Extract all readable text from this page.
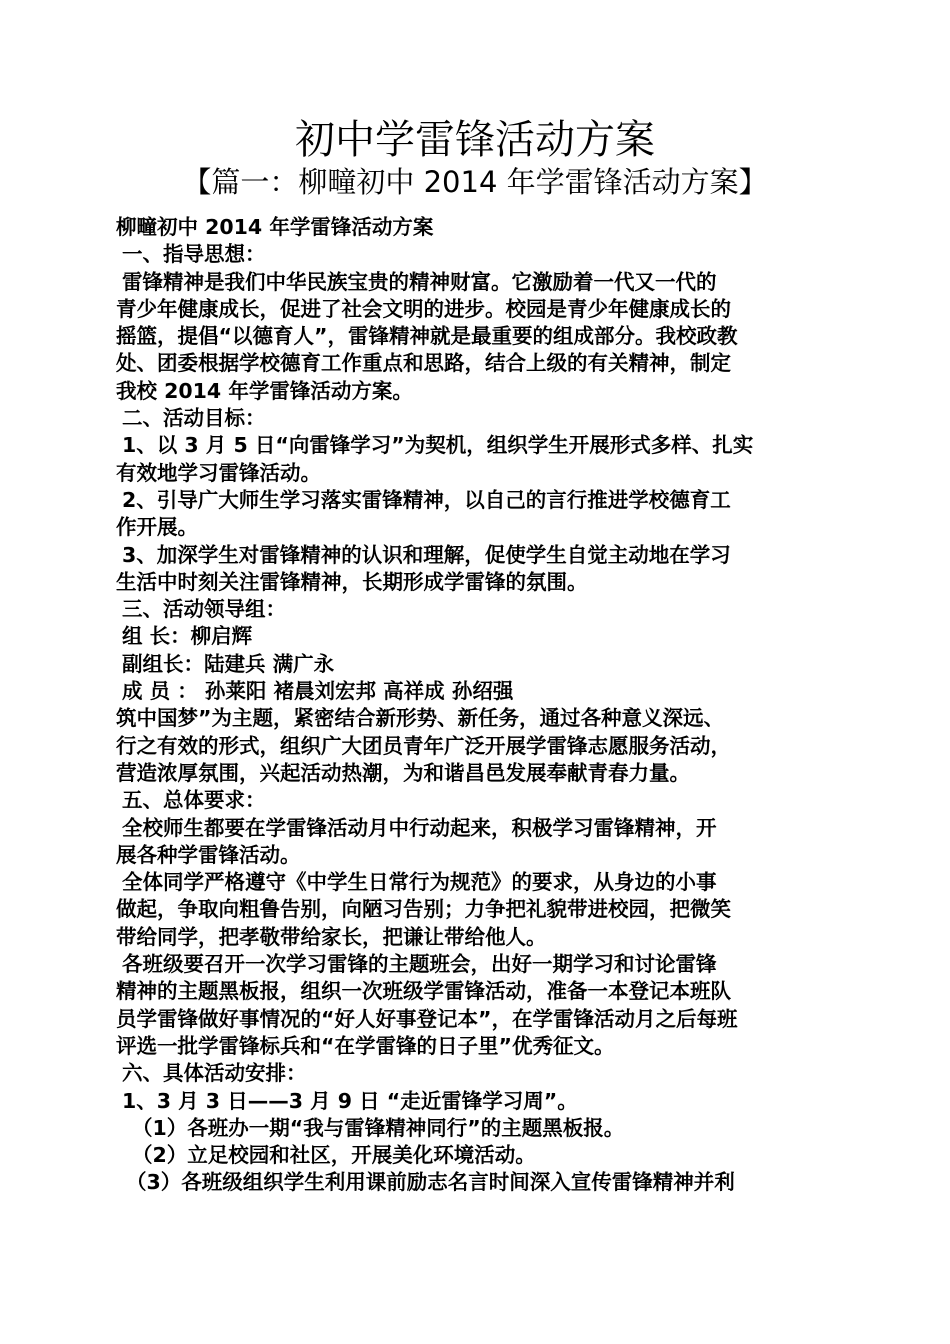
初中学雷锋活动方案
【篇一：柳疃初中 2014 年学雷锋活动方案】
柳疃初中 2014 年学雷锋活动方案
一、指导思想：
雷锋精神是我们中华民族宝贵的精神财富。它激励着一代又一代的
青少年健康成长，促进了社会文明的进步。校园是青少年健康成长的
摇篮，提倡“以德育人”，雷锋精神就是最重要的组成部分。我校政教
处、团委根据学校德育工作重点和思路，结合上级的有关精神，制定
我校 2014 年学雷锋活动方案。
二、活动目标：
1、以 3 月 5 日“向雷锋学习”为契机，组织学生开展形式多样、扎实
有效地学习雷锋活动。
2、引导广大师生学习落实雷锋精神，以自己的言行推进学校德育工
作开展。
3、加深学生对雷锋精神的认识和理解，促使学生自觉主动地在学习
生活中时刻关注雷锋精神，长期形成学雷锋的氛围。
三、活动领导组：
组 长：柳启辉
副组长：陆建兵 满广永
成 员 ： 孙莱阳 褚晨刘宏邦 高祥成 孙绍强
筑中国梦”为主题，紧密结合新形势、新任务，通过各种意义深远、
行之有效的形式，组织广大团员青年广泛开展学雷锋志愿服务活动，
营造浓厚氛围，兴起活动热潮，为和谐昌邑发展奉献青春力量。
五、总体要求：
全校师生都要在学雷锋活动月中行动起来，积极学习雷锋精神，开
展各种学雷锋活动。
全体同学严格遵守《中学生日常行为规范》的要求，从身边的小事
做起，争取向粗鲁告别，向陋习告别；力争把礼貌带进校园，把微笑
带给同学，把孝敬带给家长，把谦让带给他人。
各班级要召开一次学习雷锋的主题班会，出好一期学习和讨论雷锋
精神的主题黑板报，组织一次班级学雷锋活动，准备一本登记本班队
员学雷锋做好事情况的“好人好事登记本”，在学雷锋活动月之后每班
评选一批学雷锋标兵和“在学雷锋的日子里”优秀征文。
六、具体活动安排：
1、3 月 3 日——3 月 9 日 “走近雷锋学习周”。
（1）各班办一期“我与雷锋精神同行”的主题黑板报。
（2）立足校园和社区，开展美化环境活动。
（3）各班级组织学生利用课前励志名言时间深入宣传雷锋精神并利
